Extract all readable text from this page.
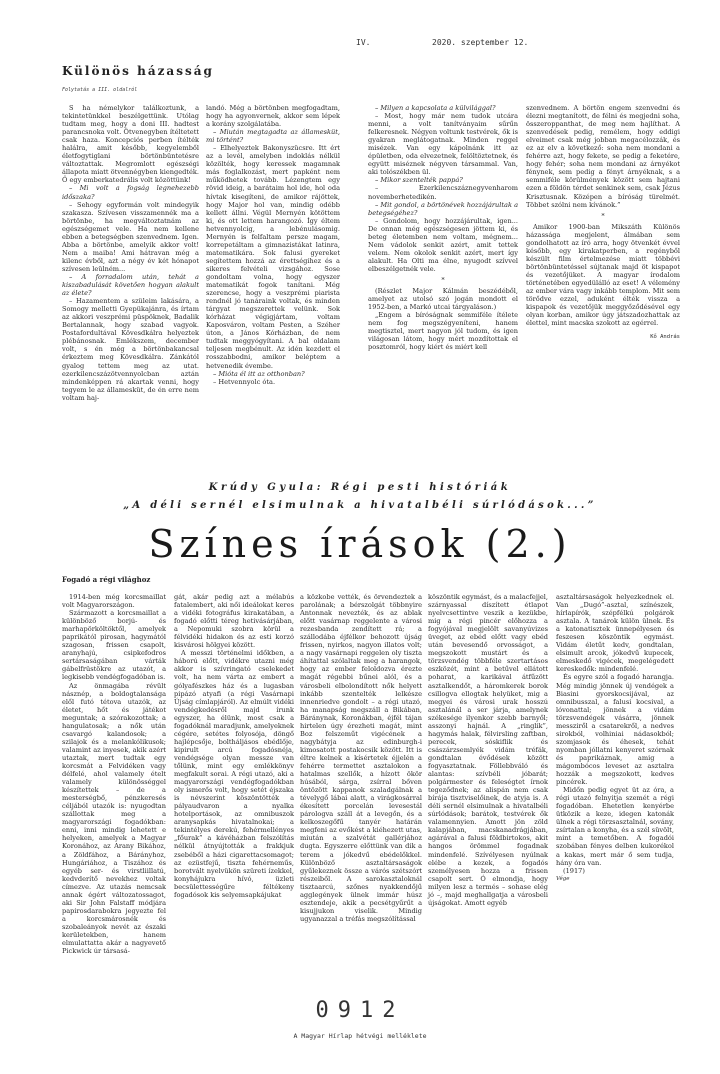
IV.	2020. szeptember 12.
Különös házasság
Folytatás a III. oldalról

S ha némelykor találkoztunk, a tekintetünkkel beszélgettünk. Utólag tudtam meg, hogy a doni III. hadtest parancsnoka volt. Ötvenegyben ítéltetett csak haza. Koncepciós perben ítélték halálra, amit később, kegyelemből életfogytiglani börtönbüntetésre változtattak. Megromlott egészségi állapota miatt ötvennégyben kiengedték. Ő egy emberkatedrális volt közöttünk!

– Mi volt a fogság legnehezebb időszaka?

– Sehogy egyformán volt mindegyik szakasza. Szívesen visszamennék ma a börtönbe, ha megváltoztatnám az egészségemet vele. Ha nem kellene ebben a betegségben szenvednem. Igen. Abba a börtönbe, amelyik akkor volt! Nem a maiba! Ami hátravan még a kilenc évből, azt a négy év két hónapot szívesen leülném...

– A forradalom után, tehát a kiszabadulását követően hogyan alakult az élete?

– Hazamentem a szüleim lakására, a Somogy melletti Gyepükajánra, és írtam az akkori veszprémi püspöknek, Badalik Bertalannak, hogy szabad vagyok. Postafordultával Kövesdkálra helyeztek plébánosnak. Emlékszem, december volt, s én még a börtönbakancsal érkeztem meg Kövesdkálra. Zánkától gyalog tettem meg az utat. ezerkilencszázötvennyolcban aztán mindenképpen rá akartak venni, hogy tegyem le az államesküt, de én erre nem voltam haj-

landó. Még a börtönben megfogadtam, hogy ha agyonvernek, akkor sem lépek a korány szolgálatába.

– Miután megtagadta az államesküt, mi történt?

– Elhelyeztek Bakonyszücsre. Itt ért az a levél, amelyben indoklás nélkül közölték, hogy keressek magamnak más foglalkozást, mert papként nem működhetek tovább. Lézengtem egy rövid ideig, a barátaim hol ide, hol oda hívtak kisegíteni, de amikor rájöttek, hogy Major hol van, mindig odébb kellett állni. Végül Mernyén kötöttem ki, és ott lettem harangozó. Így éltem hetvennyolcig, a lebénulásomig. Mernyén is felfaltam persze magam, korrepetáltam a gimnazistákat latinra, matematikára. Sok falusi gyereket segítettem hozzá az érettségihez és a sikeres felvételi vizsgához. Sose gondoltam volna, hogy egyszer matematikát fogok tanítani. Még szerencse, hogy a veszprémi piarista rendnél jó tanáraink voltak, és minden tárgyat megszerettek velünk. Sok kórházat végigjártam, voltam Kaposváron, voltam Pesten, a Széher úton, a János Kórházban, de nem tudtak meggyógyítani. A bal oldalam teljesen megbénult. Az idén kezdett el rosszabbodni, amikor beléptem a hetvenedik évembe.

– Mióta él itt az otthonban?

– Hetvennyolc óta.

– Milyen a kapcsolata a külvilággal?

– Most, hogy már nem tudok utcára menni, a volt tanítványaim sűrűn felkeresnek. Négyen voltunk testvérek, ők is gyakran meglátogatnak. Minden reggel misézek. Van egy kápolnánk itt az épületben, oda elvezetnek, felöltöztetnek, és együtt miséznek négyven társammal. Van, aki tolószékben ül.

– Mikor szentelték pappá?

– Ezerkilencszáznegyvenharom novemberhetedikén.

– Mit gondol, a börtönévek hozzájárultak a betegségéhez?

– Gondolom, hogy hozzájárultak, igen... De onnan még egészségesen jöttem ki, és beteg életemben nem voltam, mégnem... Nem vádolok senkit azért, amit tettek velem. Nem okolok senkit azért, mert így alakult. Ha Olti ma élne, nyugodt szívvel elbeszélgetnék vele.

*

(Részlet Major Kálmán beszédéből, amelyet az utolsó szó jogán mondott el 1952-ben, a Markó utcai tárgyaláson.)

„Engem a bíróságnak semmiféle ítélete nem fog megszégyeníteni, hanem megtisztel, mert nagyon jól tudom, és igen világosan látom, hogy mért mozdítottak el posztomról, hogy kiért és miért kell

szenvednem. A börtön engem szenvedni és élezni megtanított, de félni és megjedni soha, összeroppanthat, de meg nem hajlíthat. A szenvedések pedig, remélem, hogy eddigi elveimet csak még jobban megacélozzák, és ez az elv a következő: soha nem mondani a fehérre azt, hogy fekete, se pedig a feketére, hogy fehér; soha nem mondani az árnyékot fénynek, sem pedig a fényt árnyéknak, s a semmiféle körülmények között sem hajtani ezen a földön térdet senkinek sem, csak Jézus Krisztusnak. Középen a bíróság türelmét. Többet szólni nem kívánok.”

*

Amikor 1900-ban Mikszáth Különös házassága megjelent, álmában sem gondolhatott az író arra, hogy ötvenkét évvel később, egy kirakatperben, a regényből készült film értelmezése miatt többévi börtönbüntetéssel sújtanak majd öt kispapot és vezetőjüket. A magyar írodalom történetében egyedülálló az eset! A vélemény az ember vára vagy inkább templom. Mit sem törődve ezzel, aduként élték vissza a kispapok és vezetőjük meggyőződésével egy olyan korban, amikor úgy játszadozhattak az élettel, mint macska szokott az egérrel.

Kő András

Krúdy Gyula: Régi pesti históriák
„A déli sernél elsimulnak a hivatalbéli súrlódások...”
Színes írások (2.)
Fogadó a régi világhoz

1914-ben még korcsmaillat volt Magyarországon.

Származott a korcsmaillat a különböző borjú- és marhapörköltöktől, amelyek paprikától pirosan, hagymától szagosan, frissen csapolt, aranyhajú, csipkefodros sertársaságában várták gábelfrüstökre az utazót, a legkisebb vendégfogadóban is.

Az önmagába révült násznép, a boldogtalansága elől futó tétova utazók, az életet, hőt és játékot meguntak; a szórakozottak; a hangulatosak; a nők után csavargó kalandosok; a szilajok és a melankólikusok; valamint az inyesek, akik azért utaztak, mert tudtak egy korcsmát a Felvidéken vagy délfelé, ahol valamely ételt valamely különösséggel készítettek – de a mesterségbő, pénzkeresés céljából utazók is: nyugodtan szállottak meg a magyarországi fogadókban: enni, inni mindig lehetett e helyeken, amelyek a Magyar Koronához, az Arany Bikához, a Zöldfához, a Bárányhoz, Hungáriához, a Tiszához és egyéb ser- és virstliillatú, kedvderítő nevekhez voltak címezve. Az utazás nemcsak annak égért változatossagot, aki Sir John Falstaff módjára papirosdarabokra jegyezte fel a korcsmárosnék és szobaleányok nevét az északi kerületekben, hanem elmulattatta akár a nagyevető Pickwick úr társasá-

gát, akár pedig azt a mélabús fatalembert, aki női ideálokat keres a vidéki fotográfus kirakatában, a fogadó előtti téreg hetivásárjában, a Nepomuki szobra körül a félvidéki hidakon és az esti korzó kisvárosi hölgyei között.

A messzi történelmi időkben, a háború előtt, vidékre utazni még akkor is szívringató cselekedet volt, ha nem várta az embert a gólyafészkes ház és a lugasban pipázó atyafi (a régi Vasárnapi Újság címlapjáról). Az elmúlt vidéki vendégkedésről majd írunk egyszer, ha élünk, most csak a fogadóknál maradjunk, amelyeknek cégére, setétes folyosója, döngő hajlépcsője, boltháljásos ebédlője, kipirult arcú fogadósnéja, vendégsége olyan messze van tőlünk, mint egy emlékkönyv megfakult sorai. A régi utazó, aki a magyarországi vendégfogadókban oly ismerős volt, hogy setét éjszaka is névszerint köszöntötték a pályaudvaron a nyalka hotelportások, az omnibuszok aranysapkás hivatalnokai; a tekintélyes derekú, fehérmellényes „főurak” a kávéházban felszólítás nélkül átnyújtották a frakkjuk zsebéből a házi cigarettacsomagot; az ezüstfejű, tiszta fehérneműs, borotvált nyelvükön szüreti ízekkel, konyhájukra hívó, üzleti becsülettességűre féltékeny fogadósok kis selyemsapkájukat

a közkobe vették, és örvendeztek a parolának; a bérszolgát többnyire Antonnak nevezték, és az ablak előtt vasárnap reggelente a városi rezesbanda zendített rá; a szállodába éjfélkor behozott újság frissen, nyirkos, nagyon illatos volt; a nagy vasárnapi reggelen oly tiszta áhítattal szólaltak meg a harangok, hogy az ember feloldozva érezte magát régebbi bűnei alól, és a városbeli elbolondított nők helyett inkább szentelték lelkésze innenriedve gondolt – a régi utazó, ha manapság megszáll a Bikában, Báránynak, Koronákban, éjfél tájan hirtelen úgy érezheti magát, mint Boz felszeműt vigécének a nagybátyja az edinburgh-i kimosatott postakocsik között. Itt is éltre kelnek a kísértetek éjjelén a fehérre termettet asztalokon a hatalmas szellők, a hízott ökör húsából, sárga, zsírral bőven öntözött kappanok szaladgálnak a tévelygő lábai alatt, a virágkosárral ékesített porcelán levesestál párologva száll át a levegőn, és a kelkoszegőfű tanyér határán megfeni az evőkést a kiéhezett utas, miután a szalvétát gallérjához dugta. Egyszerre előttünk van dik a terem a jókedvű ebédelőkkel. Különböző asztaltársaságok gyűlekeznek össze a várós szétszórt részeiből. A sarokasztaloknál tisztaarcú, szőnes nyakkendőjű agglegények ülnek immár húsz esztendeje, akik a pecsétgyűrűt a kisujjukon viselik. Mindig ugyanazzal a tréfás megszólítással

köszöntik egymást, és a malacfejjel, szárnyassal díszített étlapot nyelvcsettintve veszik a kezükbe, mig a régi pincér előhozza a fogyójával megjelölt savanyúvizes üveget, az ebéd előtt vagy ebéd után bevesendő orvosságot, a megszokott mustárt és a törzsvendég többféle szertartásos eszközét, mint a betűvel ellátott poharat, a karikával átfűzött asztalkendőt, a háromkerek borok csillogva ellogtak helyüket, mig a megyei és városi urak hosszú asztalánál a ser járja, amelynek székesége ilyenkor szebb barnyől; asszonyi hajnál. A „ringlik”, hagymás halak, félvirsling zaftban, perecek, sóskiflik és császárzsemlyék vidám tréfák, gondtalan évődések között fogyasztatnak. Föllebbváló és alantas: szívbéli jóbarát; polgármester és feleségtet írnok tegeződnek; az alispán nem csak bírája tisztviselőinek, de atyja is. A déli sernél elsimulnak a hivatalbéli súrlódások; barátok, testvérek ők valamennyien. Amott jön zöld kalapjában, macskanadrágjában, agárával a falusi földbirtokos, akit hangos örömmel fogadnak mindenfelé. Szívélyesen nyúlnak elébe a kezek, a fogadós személyesen hozza a frissen csapolt sert. Ó elmondja, hogy milyen lesz a termés – sohase elég jó –, majd meghallgatja a városbeli újságokat. Amott egyéb

asztaltársaságok helyezkednek el. Van „Dugó”-asztal, színészek, hírlapírók, szépfélkú polgárok asztala. A tanárok külön ülnek. És a katonatisztek ünnepélyesen és feszesen köszöntik egymást. Vidám életűt kedv, gondtalan, elsimult arcok, jókedvű kupecek, elmeskedő vigécek, megelégedett kereskedők: mindenfelé.

És egyre szól a fogadó harangja. Még mindig jönnek új vendégek a Biasini gyorskocsijával, az omnibusszal, a falusi kocsival, a lóvonattal; jönnek a vidám törzsvendégek vásárra, jönnek messziről a csatarekről, a nedves sirokból, volhiniai nádasokból; szomjasok és éhesek, tehát nyomban jóllatni kenyeret szórnak és paprikáznak, amig a mágombócos leveset az asztalra hozzák a megszokott, kedves pincérek.

Midőn pedig egyet üt az óra, a régi utazó felnyitja szemét a régi fogadóban. Ehetetlen kenyérbe ütközik a keze, idegen katonák ülnek a régi törzsasztalnál, sovány, zsírtalan a konyha, és a szél süvölt, mint a temetőben. A fogadói szobában fényes delben kukorékol a kakas, mert már ő sem tudja, hány óra van.

(1917)

Vége

0912
A Magyar Hírlap hétvégi melléklete
